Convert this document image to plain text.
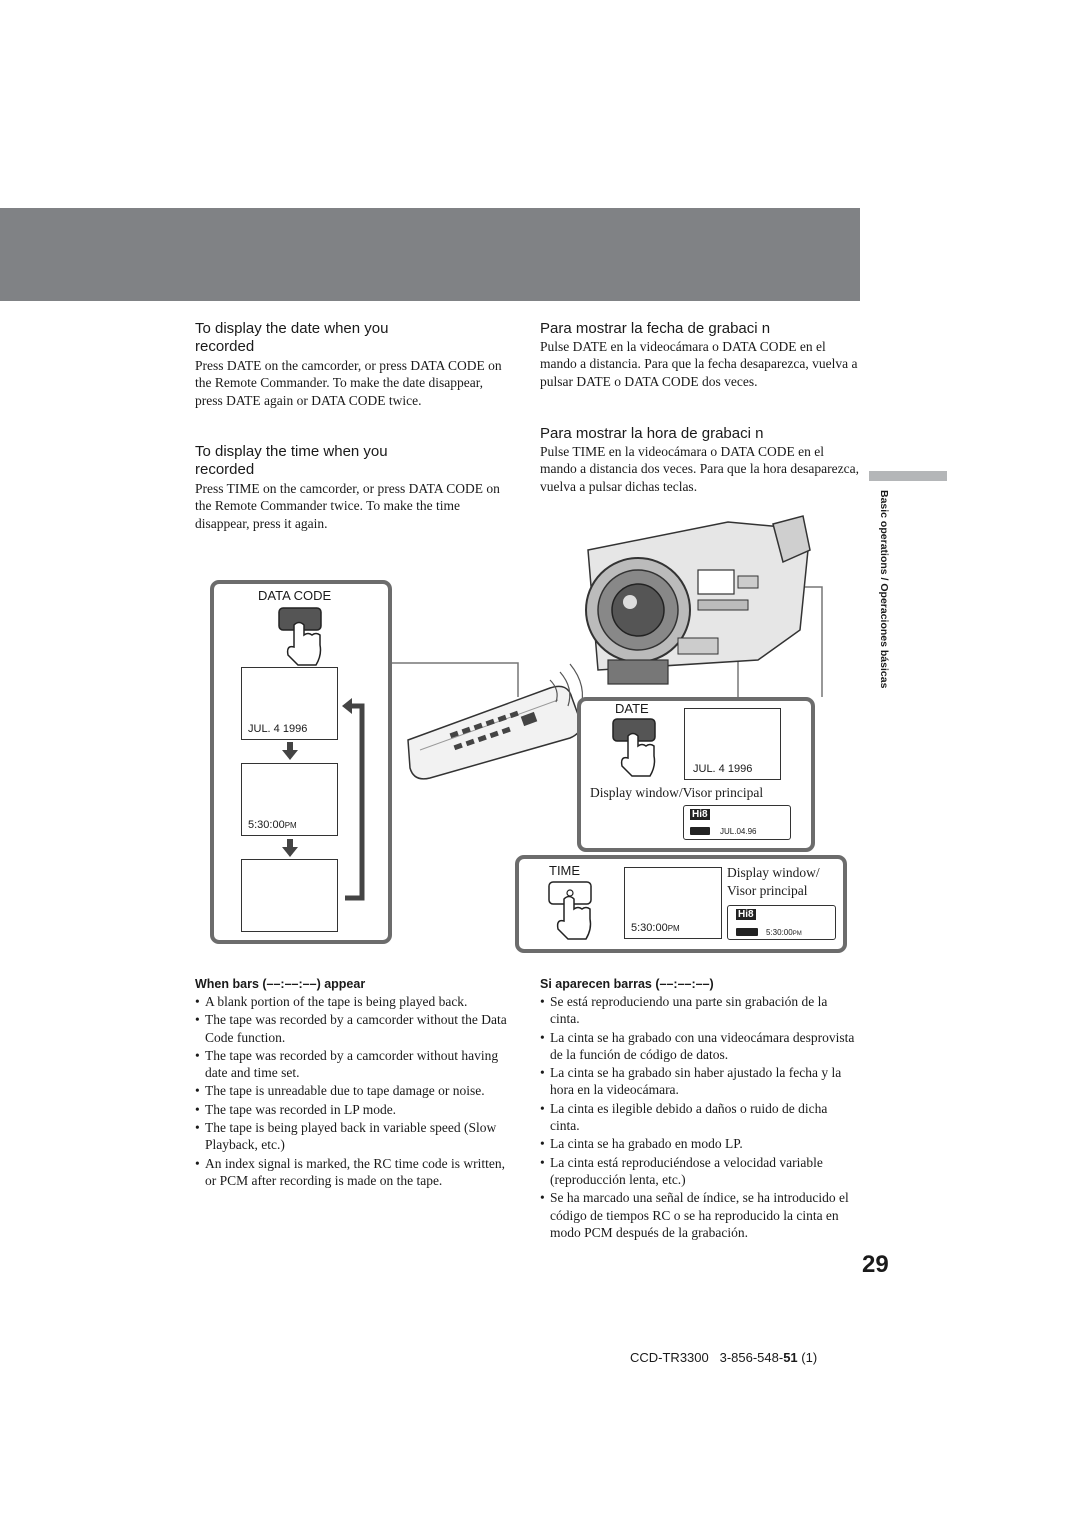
To display the date when you
recorded
Press DATE on the camcorder, or press DATA CODE on the Remote Commander. To make the date disappear, press DATE again or DATA CODE twice.
To display the time when you
recorded
Press TIME on the camcorder, or press DATA CODE on the Remote Commander twice. To make the time disappear, press it again.
Para mostrar la fecha de grabaci n
Pulse DATE en la videocámara o DATA CODE en el mando a distancia. Para que la fecha desaparezca, vuelva a pulsar DATE o DATA CODE dos veces.
Para mostrar la hora de grabaci n
Pulse TIME en la videocámara o DATA CODE en el mando a distancia dos veces. Para que la hora desaparezca, vuelva a pulsar dichas teclas.
Basic operations / Operaciones básicas
DATA CODE
JUL. 4 1996
5:30:00PM
DATE
JUL. 4 1996
Display window/Visor principal
Hi8
JUL.04.96
TIME
5:30:00PM
Display window/
Visor principal
Hi8
5:30:00PM
When bars (––:––:––) appear
• A blank portion of the tape is being played back.
• The tape was recorded by a camcorder without the Data Code function.
• The tape was recorded by a camcorder without having date and time set.
• The tape is unreadable due to tape damage or noise.
• The tape was recorded in LP mode.
• The tape is being played back in variable speed (Slow Playback, etc.)
• An index signal is marked, the RC time code is written, or PCM after recording is made on the tape.
Si aparecen barras (––:––:––)
• Se está reproduciendo una parte sin grabación de la cinta.
• La cinta se ha grabado con una videocámara desprovista de la función de código de datos.
• La cinta se ha grabado sin haber ajustado la fecha y la hora en la videocámara.
• La cinta es ilegible debido a daños o ruido de dicha cinta.
• La cinta se ha grabado en modo LP.
• La cinta está reproduciéndose a velocidad variable (reproducción lenta, etc.)
• Se ha marcado una señal de índice, se ha introducido el código de tiempos RC o se ha reproducido la cinta en modo PCM después de la grabación.
29
CCD-TR3300 3-856-548-51 (1)
